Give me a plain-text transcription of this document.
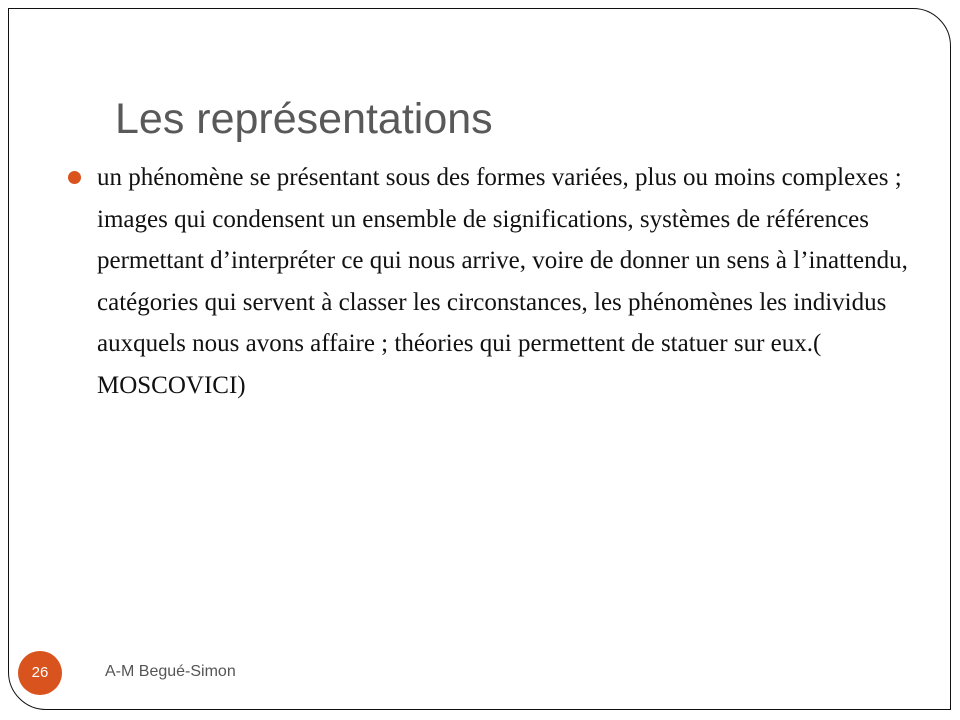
Les représentations
un phénomène se présentant sous des formes variées, plus ou moins complexes ; images qui condensent un ensemble de significations, systèmes de références permettant d’interpréter ce qui nous arrive, voire de donner un sens à l’inattendu, catégories qui servent à classer les circonstances, les phénomènes les individus auxquels nous avons affaire ; théories qui permettent de statuer sur eux.( MOSCOVICI)
26	A-M Begué-Simon
